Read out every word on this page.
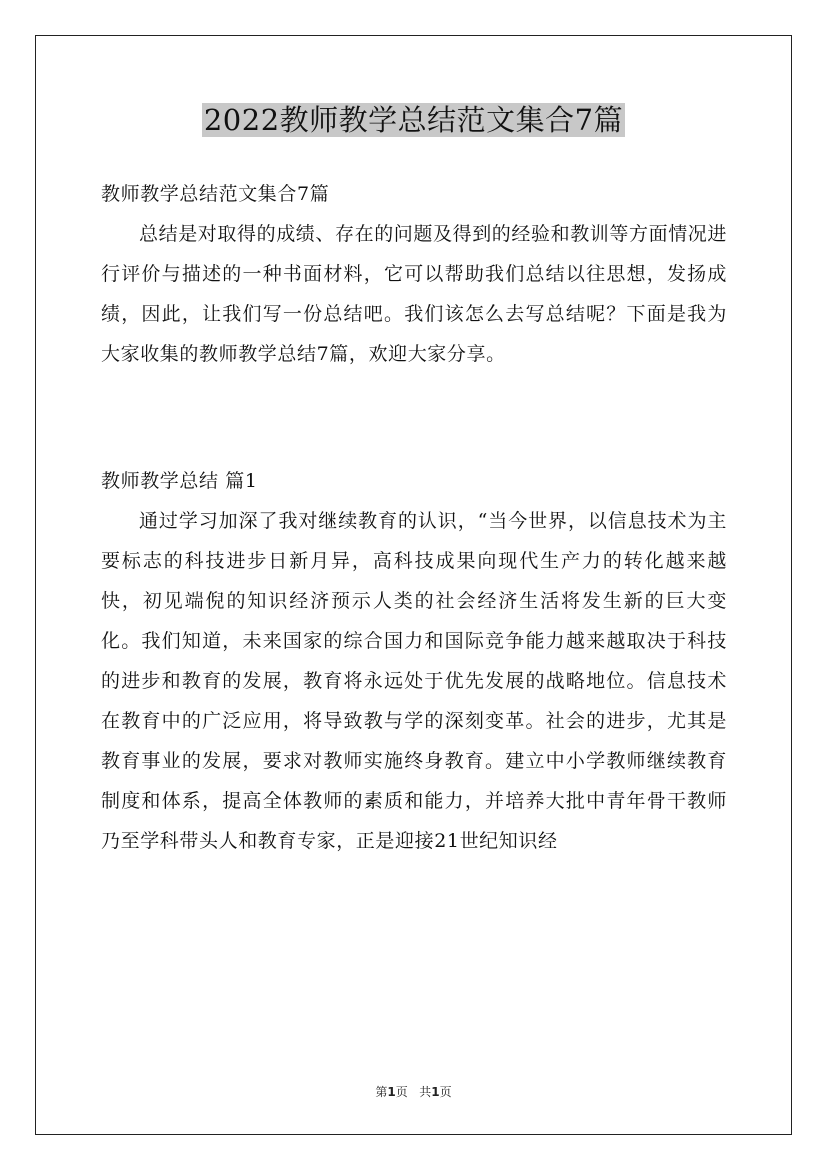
2022教师教学总结范文集合7篇

教师教学总结范文集合7篇

总结是对取得的成绩、存在的问题及得到的经验和教训等方面情况进行评价与描述的一种书面材料，它可以帮助我们总结以往思想，发扬成绩，因此，让我们写一份总结吧。我们该怎么去写总结呢？下面是我为大家收集的教师教学总结7篇，欢迎大家分享。

教师教学总结 篇1

通过学习加深了我对继续教育的认识，“当今世界，以信息技术为主要标志的科技进步日新月异，高科技成果向现代生产力的转化越来越快，初见端倪的知识经济预示人类的社会经济生活将发生新的巨大变化。我们知道，未来国家的综合国力和国际竞争能力越来越取决于科技的进步和教育的发展，教育将永远处于优先发展的战略地位。信息技术在教育中的广泛应用，将导致教与学的深刻变革。社会的进步，尤其是教育事业的发展，要求对教师实施终身教育。建立中小学教师继续教育制度和体系，提高全体教师的素质和能力，并培养大批中青年骨干教师乃至学科带头人和教育专家，正是迎接21世纪知识经

第1页 共1页
